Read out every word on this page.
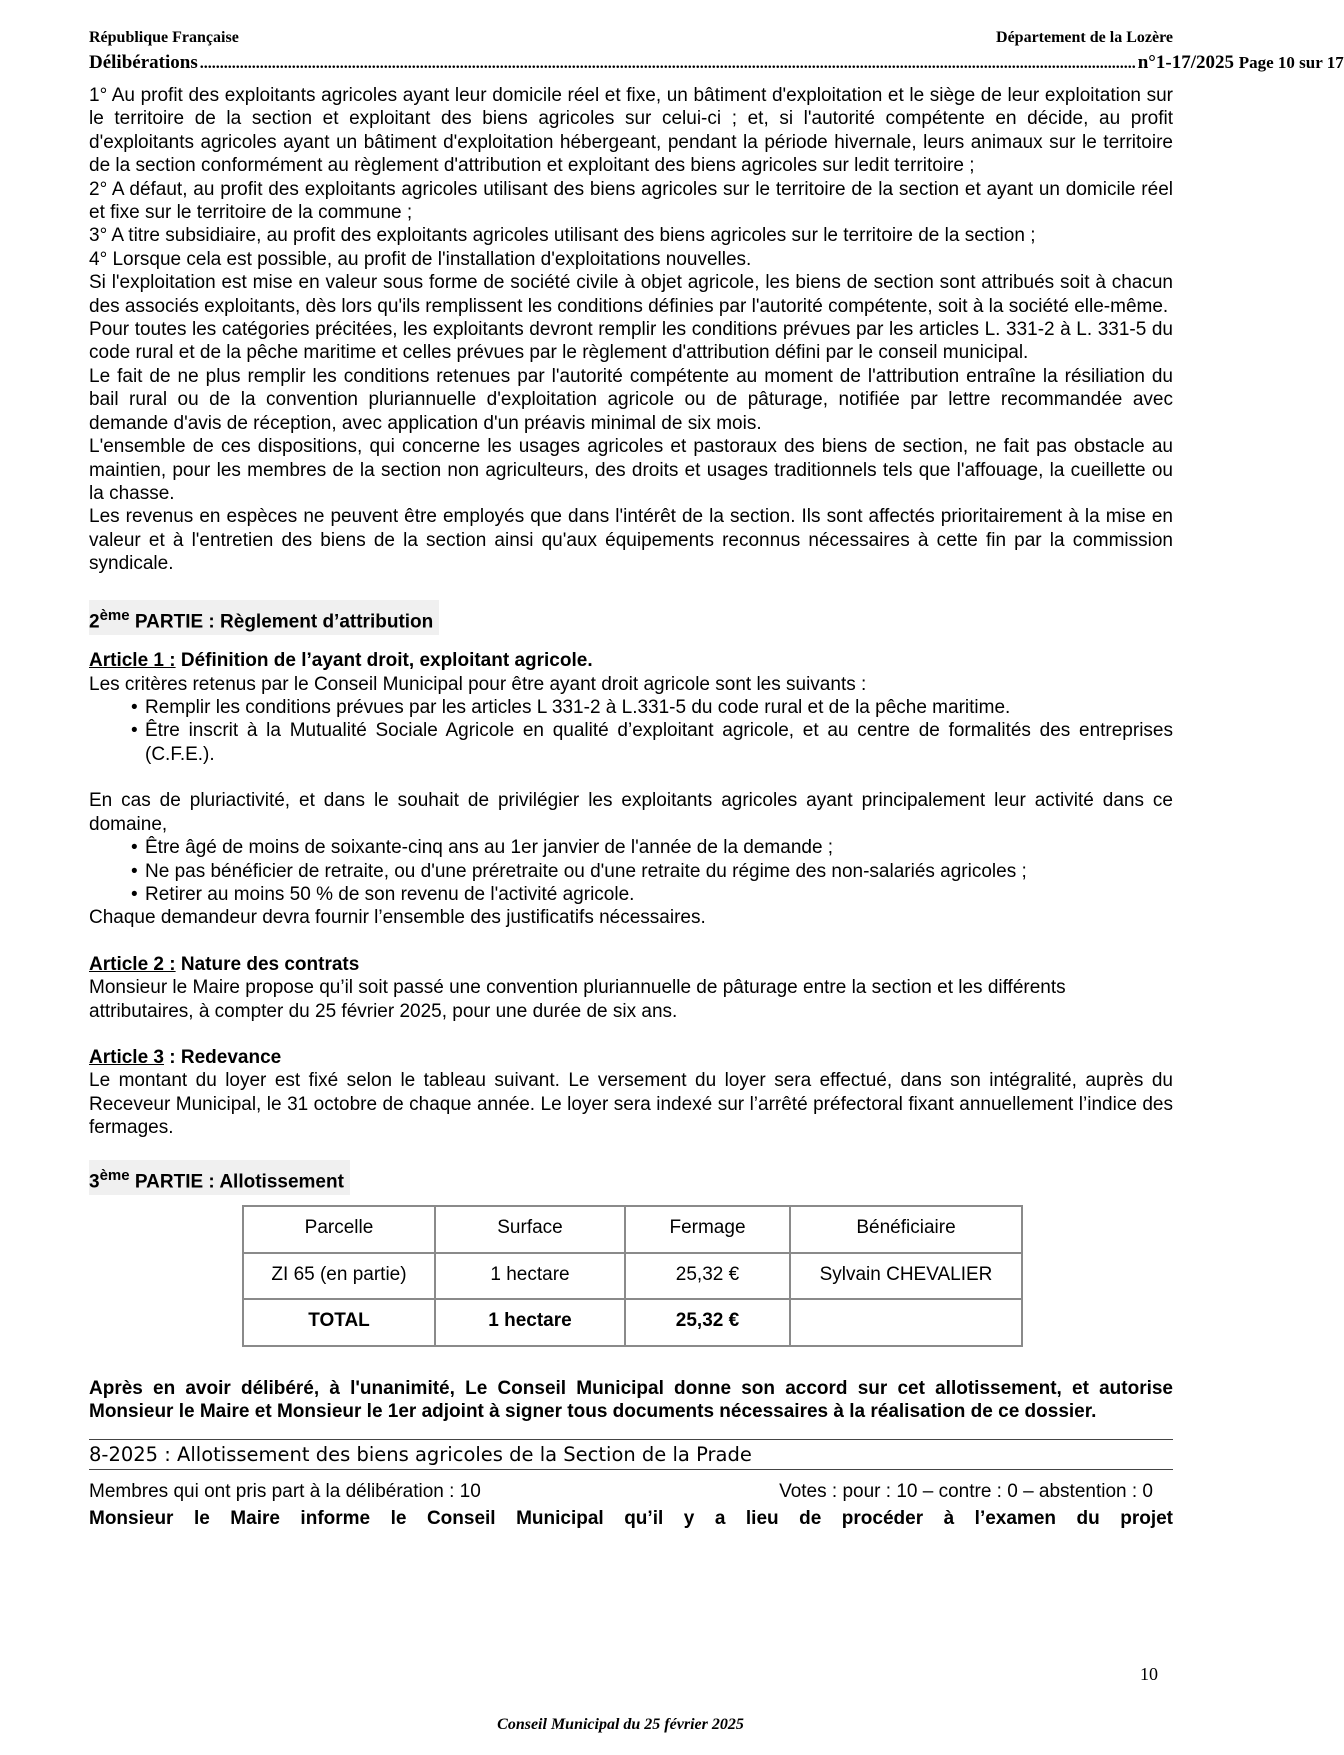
République Française	Département de la Lozère
Délibérations .......................................................................................................................................................................................................................................... n°1-17/2025 Page 10 sur 17

1° Au profit des exploitants agricoles ayant leur domicile réel et fixe, un bâtiment d'exploitation et le siège de leur exploitation sur le territoire de la section et exploitant des biens agricoles sur celui-ci ; et, si l'autorité compétente en décide, au profit d'exploitants agricoles ayant un bâtiment d'exploitation hébergeant, pendant la période hivernale, leurs animaux sur le territoire de la section conformément au règlement d'attribution et exploitant des biens agricoles sur ledit territoire ;

2° A défaut, au profit des exploitants agricoles utilisant des biens agricoles sur le territoire de la section et ayant un domicile réel et fixe sur le territoire de la commune ;

3° A titre subsidiaire, au profit des exploitants agricoles utilisant des biens agricoles sur le territoire de la section ;

4° Lorsque cela est possible, au profit de l'installation d'exploitations nouvelles.

Si l'exploitation est mise en valeur sous forme de société civile à objet agricole, les biens de section sont attribués soit à chacun des associés exploitants, dès lors qu'ils remplissent les conditions définies par l'autorité compétente, soit à la société elle-même.

Pour toutes les catégories précitées, les exploitants devront remplir les conditions prévues par les articles L. 331-2 à L. 331-5 du code rural et de la pêche maritime et celles prévues par le règlement d'attribution défini par le conseil municipal.

Le fait de ne plus remplir les conditions retenues par l'autorité compétente au moment de l'attribution entraîne la résiliation du bail rural ou de la convention pluriannuelle d'exploitation agricole ou de pâturage, notifiée par lettre recommandée avec demande d'avis de réception, avec application d'un préavis minimal de six mois.

L'ensemble de ces dispositions, qui concerne les usages agricoles et pastoraux des biens de section, ne fait pas obstacle au maintien, pour les membres de la section non agriculteurs, des droits et usages traditionnels tels que l'affouage, la cueillette ou la chasse.

Les revenus en espèces ne peuvent être employés que dans l'intérêt de la section. Ils sont affectés prioritairement à la mise en valeur et à l'entretien des biens de la section ainsi qu'aux équipements reconnus nécessaires à cette fin par la commission syndicale.

2ème PARTIE : Règlement d’attribution
Article 1 : Définition de l’ayant droit, exploitant agricole.

Les critères retenus par le Conseil Municipal pour être ayant droit agricole sont les suivants :

• Remplir les conditions prévues par les articles L 331-2 à L.331-5 du code rural et de la pêche maritime.
• Être inscrit à la Mutualité Sociale Agricole en qualité d’exploitant agricole, et au centre de formalités des entreprises (C.F.E.).

En cas de pluriactivité, et dans le souhait de privilégier les exploitants agricoles ayant principalement leur activité dans ce domaine,

• Être âgé de moins de soixante-cinq ans au 1er janvier de l'année de la demande ;
• Ne pas bénéficier de retraite, ou d'une préretraite ou d'une retraite du régime des non-salariés agricoles ;
• Retirer au moins 50 % de son revenu de l'activité agricole.

Chaque demandeur devra fournir l’ensemble des justificatifs nécessaires.

Article 2 : Nature des contrats

Monsieur le Maire propose qu’il soit passé une convention pluriannuelle de pâturage entre la section et les différents attributaires, à compter du 25 février 2025, pour une durée de six ans.

Article 3 : Redevance

Le montant du loyer est fixé selon le tableau suivant. Le versement du loyer sera effectué, dans son intégralité, auprès du Receveur Municipal, le 31 octobre de chaque année. Le loyer sera indexé sur l’arrêté préfectoral fixant annuellement l’indice des fermages.

3ème PARTIE : Allotissement
Parcelle	Surface	Fermage	Bénéficiaire
ZI 65 (en partie)	1 hectare	25,32 €	Sylvain CHEVALIER
TOTAL	1 hectare	25,32 €	

Après en avoir délibéré, à l'unanimité, Le Conseil Municipal donne son accord sur cet allotissement, et autorise Monsieur le Maire et Monsieur le 1er adjoint à signer tous documents nécessaires à la réalisation de ce dossier.

8-2025 : Allotissement des biens agricoles de la Section de la Prade
Membres qui ont pris part à la délibération : 10	Votes : pour : 10 – contre : 0 – abstention : 0

Monsieur le Maire informe le Conseil Municipal qu’il y a lieu de procéder à l’examen du projet

10
Conseil Municipal du 25 février 2025
